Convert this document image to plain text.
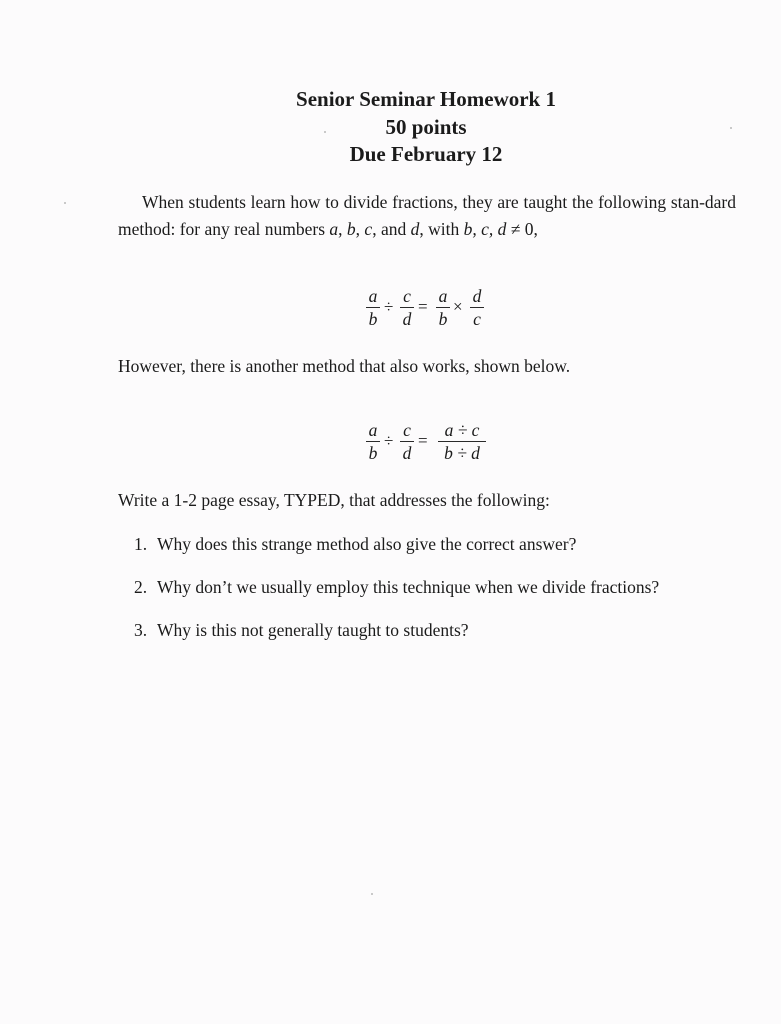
Senior Seminar Homework 1
50 points
Due February 12
When students learn how to divide fractions, they are taught the following stan-dard method: for any real numbers a, b, c, and d, with b, c, d ≠ 0,
a
b
÷
c
d
=
a
b
×
d
c
However, there is another method that also works, shown below.
a
b
÷
c
d
=
a ÷ c
b ÷ d
Write a 1-2 page essay, TYPED, that addresses the following:
1. Why does this strange method also give the correct answer?
2. Why don’t we usually employ this technique when we divide fractions?
3. Why is this not generally taught to students?
